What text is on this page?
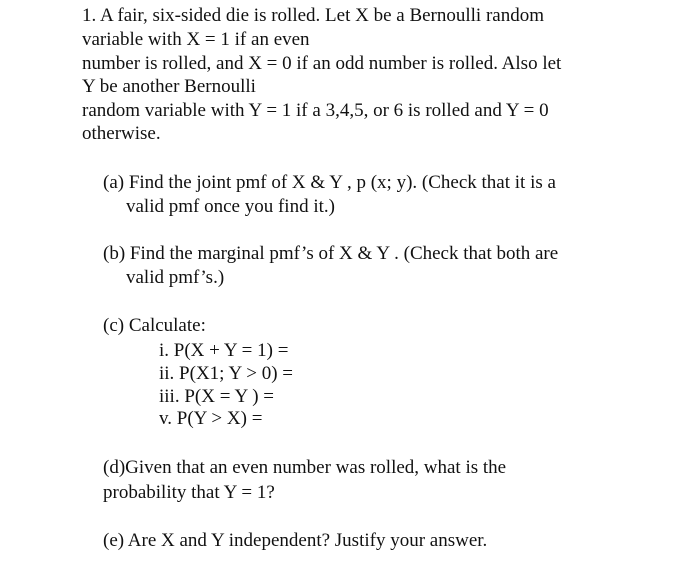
1. A fair, six-sided die is rolled. Let X be a Bernoulli random
variable with X = 1 if an even
number is rolled, and X = 0 if an odd number is rolled. Also let
Y be another Bernoulli
random variable with Y = 1 if a 3,4,5, or 6 is rolled and Y = 0
otherwise.
(a) Find the joint pmf of X & Y , p (x; y). (Check that it is a
valid pmf once you find it.)
(b) Find the marginal pmf’s of X & Y . (Check that both are
valid pmf’s.)
(c) Calculate:
i. P(X + Y = 1) =
ii. P(X1; Y > 0) =
iii. P(X = Y ) =
v. P(Y > X) =
(d)Given that an even number was rolled, what is the
probability that Y = 1?
(e) Are X and Y independent? Justify your answer.
